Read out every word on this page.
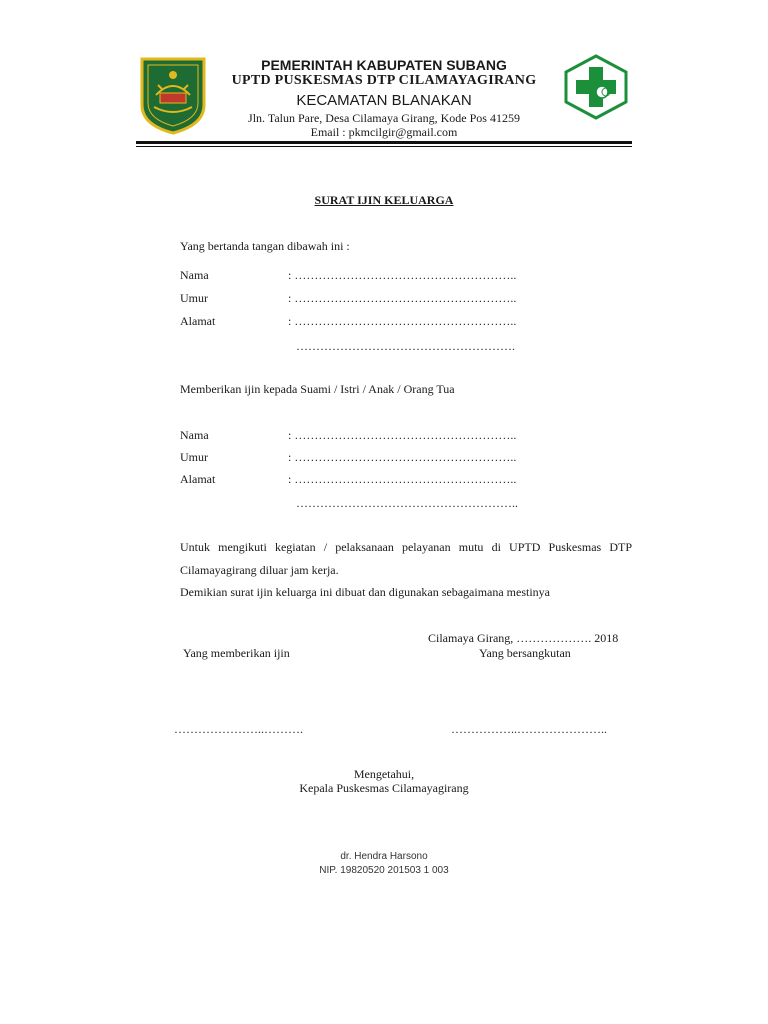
PEMERINTAH KABUPATEN SUBANG
UPTD PUSKESMAS DTP CILAMAYAGIRANG
KECAMATAN BLANAKAN
Jln. Talun Pare, Desa Cilamaya Girang, Kode Pos 41259
Email : pkmcilgir@gmail.com
SURAT IJIN KELUARGA
Yang bertanda tangan dibawah ini :
Nama	: ………………………………………………..
Umur	: ………………………………………………..
Alamat	: ………………………………………………..
……………………………………………….
Memberikan ijin kepada Suami / Istri / Anak / Orang Tua
Nama	: ………………………………………………..
Umur	: ………………………………………………..
Alamat	: ………………………………………………..
………………………………………………..
Untuk mengikuti kegiatan / pelaksanaan pelayanan mutu di UPTD Puskesmas DTP
Cilamayagirang diluar jam kerja.
Demikian surat ijin keluarga ini dibuat dan digunakan sebagaimana mestinya
Cilamaya Girang, ………………. 2018
Yang memberikan ijin	Yang bersangkutan
…………………..……….	……………..…………………..
Mengetahui,
Kepala Puskesmas Cilamayagirang
dr. Hendra Harsono
NIP. 19820520 201503 1 003
